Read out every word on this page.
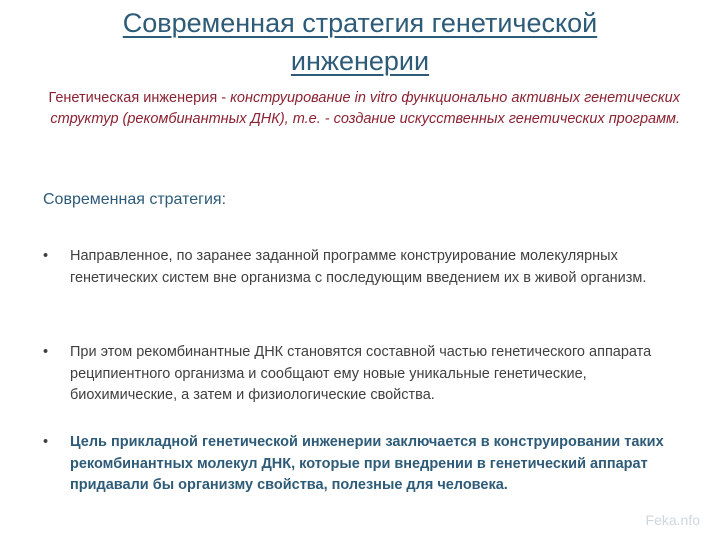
Современная стратегия генетической инженерии

Генетическая инженерия - конструирование in vitro функционально активных генетических структур (рекомбинантных ДНК), т.е. - создание искусственных генетических программ.

Современная стратегия:

• Направленное, по заранее заданной программе конструирование молекулярных генетических систем вне организма с последующим введением их в живой организм.
• При этом рекомбинантные ДНК становятся составной частью генетического аппарата реципиентного организма и сообщают ему новые уникальные генетические, биохимические, а затем и физиологические свойства.
• Цель прикладной генетической инженерии заключается в конструировании таких рекомбинантных молекул ДНК, которые при внедрении в генетический аппарат придавали бы организму свойства, полезные для человека.
Feka.nfo
